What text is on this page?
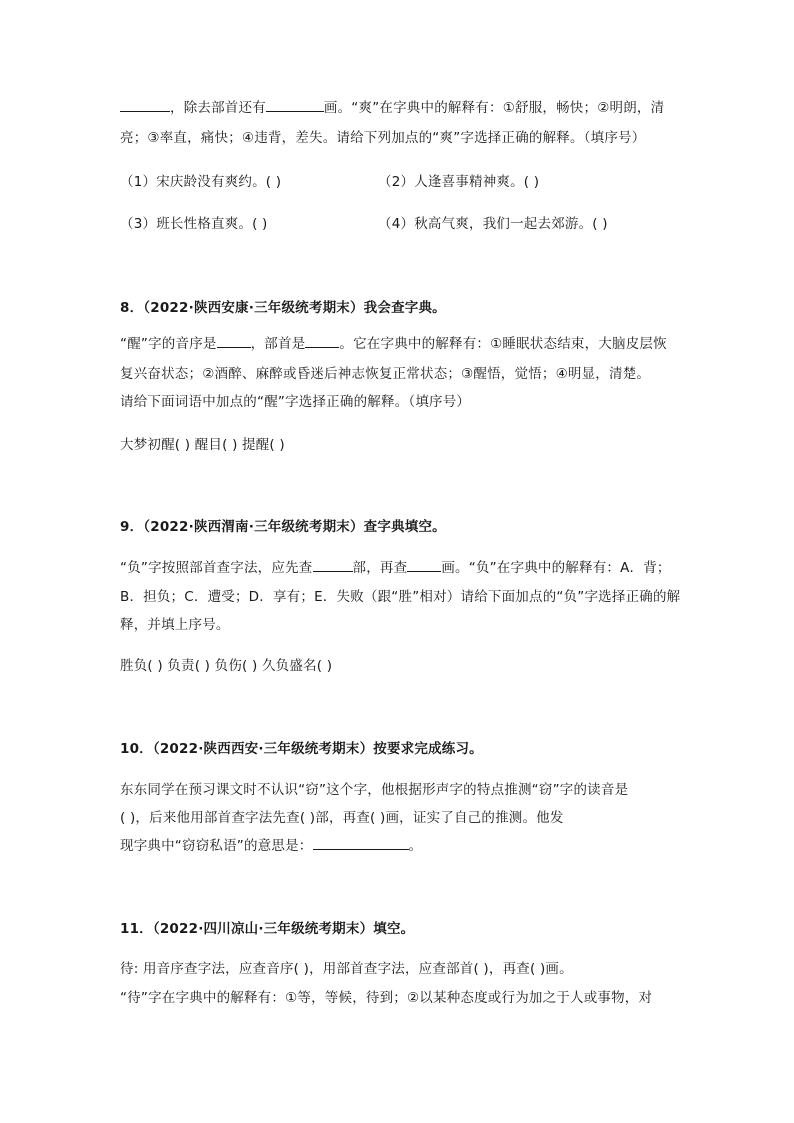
，除去部首还有	画。“爽”在字典中的解释有：①舒服，畅快；②明朗，清
亮；③率直，痛快；④违背，差失。请给下列加点的“爽”字选择正确的解释。（填序号）
（1）宋庆龄没有爽约。( )	（2）人逢喜事精神爽。( )
（3）班长性格直爽。( )	（4）秋高气爽，我们一起去郊游。( )
8．（2022·陕西安康·三年级统考期末）我会查字典。
“醒”字的音序是	，部首是	。它在字典中的解释有：①睡眠状态结束，大脑皮层恢
复兴奋状态；②酒醉、麻醉或昏迷后神志恢复正常状态；③醒悟，觉悟；④明显，清楚。
请给下面词语中加点的“醒”字选择正确的解释。（填序号）
大梦初醒( ) 醒目( ) 提醒( )
9．（2022·陕西渭南·三年级统考期末）查字典填空。
“负”字按照部首查字法，应先查	部，再查	画。“负”在字典中的解释有：A．背；
B．担负；C．遭受；D．享有；E．失败（跟“胜”相对）请给下面加点的“负”字选择正确的解
释，并填上序号。
胜负( ) 负责( ) 负伤( ) 久负盛名( )
10．（2022·陕西西安·三年级统考期末）按要求完成练习。
东东同学在预习课文时不认识“窃”这个字，他根据形声字的特点推测“窃”字的读音是
( )，后来他用部首查字法先查( )部，再查( )画，证实了自己的推测。他发
现字典中“窃窃私语”的意思是：	。
11．（2022·四川凉山·三年级统考期末）填空。
待: 用音序查字法，应查音序( )，用部首查字法，应查部首( )，再查( )画。
“待”字在字典中的解释有：①等，等候，待到；②以某种态度或行为加之于人或事物，对
